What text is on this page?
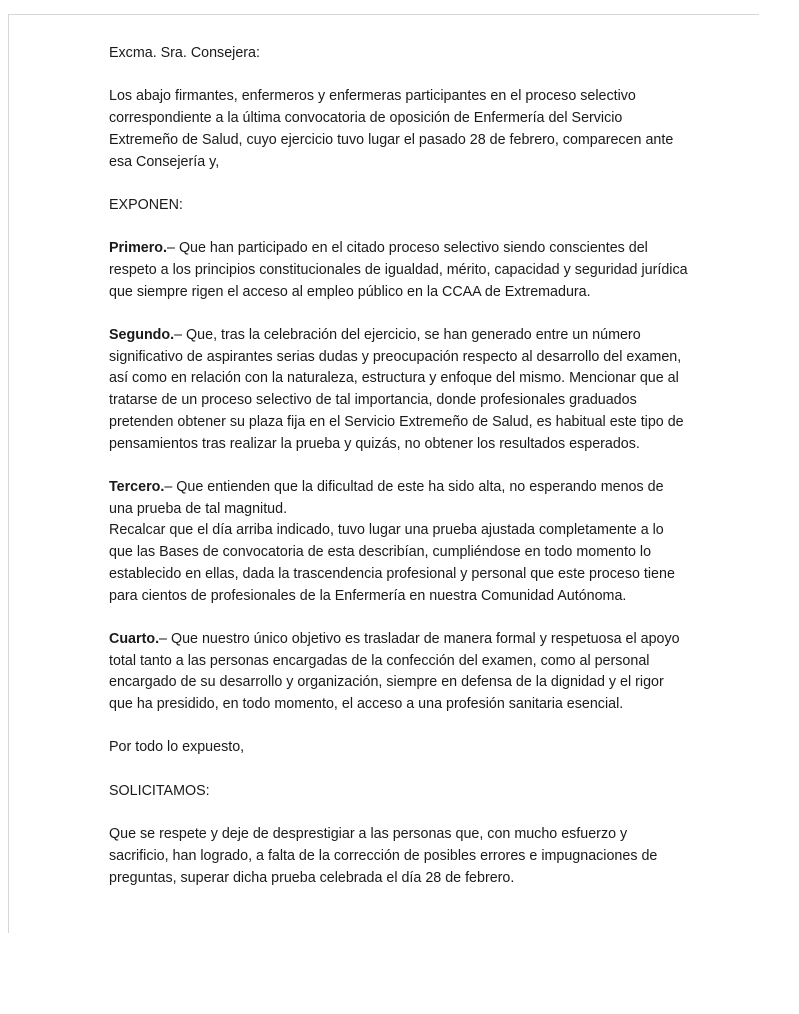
Excma. Sra. Consejera:

Los abajo firmantes, enfermeros y enfermeras participantes en el proceso selectivo correspondiente a la última convocatoria de oposición de Enfermería del Servicio Extremeño de Salud, cuyo ejercicio tuvo lugar el pasado 28 de febrero, comparecen ante esa Consejería y,

EXPONEN:

Primero.– Que han participado en el citado proceso selectivo siendo conscientes del respeto a los principios constitucionales de igualdad, mérito, capacidad y seguridad jurídica que siempre rigen el acceso al empleo público en la CCAA de Extremadura.

Segundo.– Que, tras la celebración del ejercicio, se han generado entre un número significativo de aspirantes serias dudas y preocupación respecto al desarrollo del examen, así como en relación con la naturaleza, estructura y enfoque del mismo. Mencionar que al tratarse de un proceso selectivo de tal importancia, donde profesionales graduados pretenden obtener su plaza fija en el Servicio Extremeño de Salud, es habitual este tipo de pensamientos tras realizar la prueba y quizás, no obtener los resultados esperados.

Tercero.– Que entienden que la dificultad de este ha sido alta, no esperando menos de una prueba de tal magnitud.

Recalcar que el día arriba indicado, tuvo lugar una prueba ajustada completamente a lo que las Bases de convocatoria de esta describían, cumpliéndose en todo momento lo establecido en ellas, dada la trascendencia profesional y personal que este proceso tiene para cientos de profesionales de la Enfermería en nuestra Comunidad Autónoma.

Cuarto.– Que nuestro único objetivo es trasladar de manera formal y respetuosa el apoyo total tanto a las personas encargadas de la confección del examen, como al personal encargado de su desarrollo y organización, siempre en defensa de la dignidad y el rigor que ha presidido, en todo momento, el acceso a una profesión sanitaria esencial.

Por todo lo expuesto,

SOLICITAMOS:

Que se respete y deje de desprestigiar a las personas que, con mucho esfuerzo y sacrificio, han logrado, a falta de la corrección de posibles errores e impugnaciones de preguntas, superar dicha prueba celebrada el día 28 de febrero.
